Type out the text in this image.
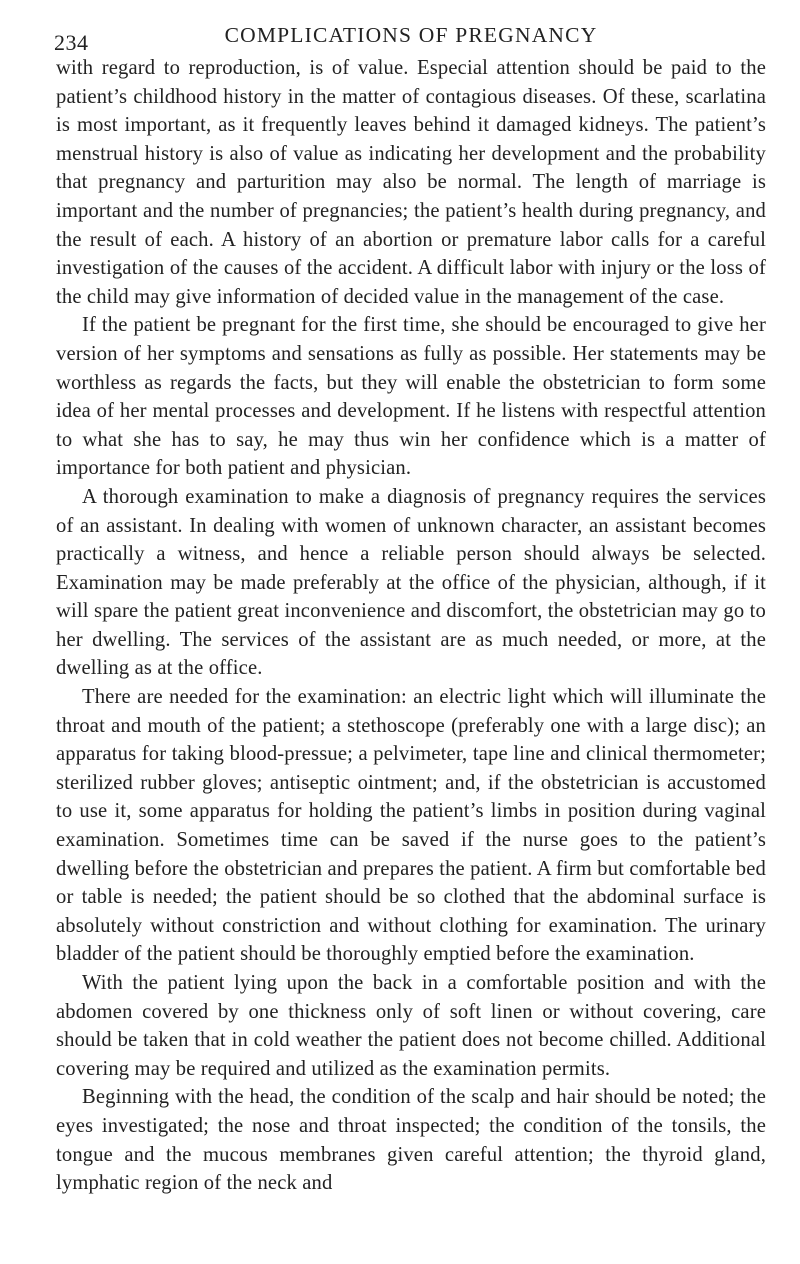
234	COMPLICATIONS OF PREGNANCY

with regard to reproduction, is of value. Especial attention should be paid to the patient’s childhood history in the matter of contagious diseases. Of these, scarlatina is most important, as it frequently leaves behind it damaged kidneys. The patient’s menstrual history is also of value as indicating her development and the probability that pregnancy and parturition may also be normal. The length of marriage is important and the number of pregnancies; the patient’s health during pregnancy, and the result of each. A history of an abortion or premature labor calls for a careful investigation of the causes of the accident. A difficult labor with injury or the loss of the child may give information of decided value in the management of the case.

If the patient be pregnant for the first time, she should be encouraged to give her version of her symptoms and sensations as fully as possible. Her statements may be worthless as regards the facts, but they will enable the obstetrician to form some idea of her mental processes and development. If he listens with respectful attention to what she has to say, he may thus win her confidence which is a matter of importance for both patient and physician.

A thorough examination to make a diagnosis of pregnancy requires the services of an assistant. In dealing with women of unknown character, an assistant becomes practically a witness, and hence a reliable person should always be selected. Examination may be made preferably at the office of the physician, although, if it will spare the patient great inconvenience and discomfort, the obstetrician may go to her dwelling. The services of the assistant are as much needed, or more, at the dwelling as at the office.

There are needed for the examination: an electric light which will illuminate the throat and mouth of the patient; a stethoscope (preferably one with a large disc); an apparatus for taking blood-pressue; a pelvimeter, tape line and clinical thermometer; sterilized rubber gloves; antiseptic ointment; and, if the obstetrician is accustomed to use it, some apparatus for holding the patient’s limbs in position during vaginal examination. Sometimes time can be saved if the nurse goes to the patient’s dwelling before the obstetrician and prepares the patient. A firm but comfortable bed or table is needed; the patient should be so clothed that the abdominal surface is absolutely without constriction and without clothing for examination. The urinary bladder of the patient should be thoroughly emptied before the examination.

With the patient lying upon the back in a comfortable position and with the abdomen covered by one thickness only of soft linen or without covering, care should be taken that in cold weather the patient does not become chilled. Additional covering may be required and utilized as the examination permits.

Beginning with the head, the condition of the scalp and hair should be noted; the eyes investigated; the nose and throat inspected; the condition of the tonsils, the tongue and the mucous membranes given careful attention; the thyroid gland, lymphatic region of the neck and
